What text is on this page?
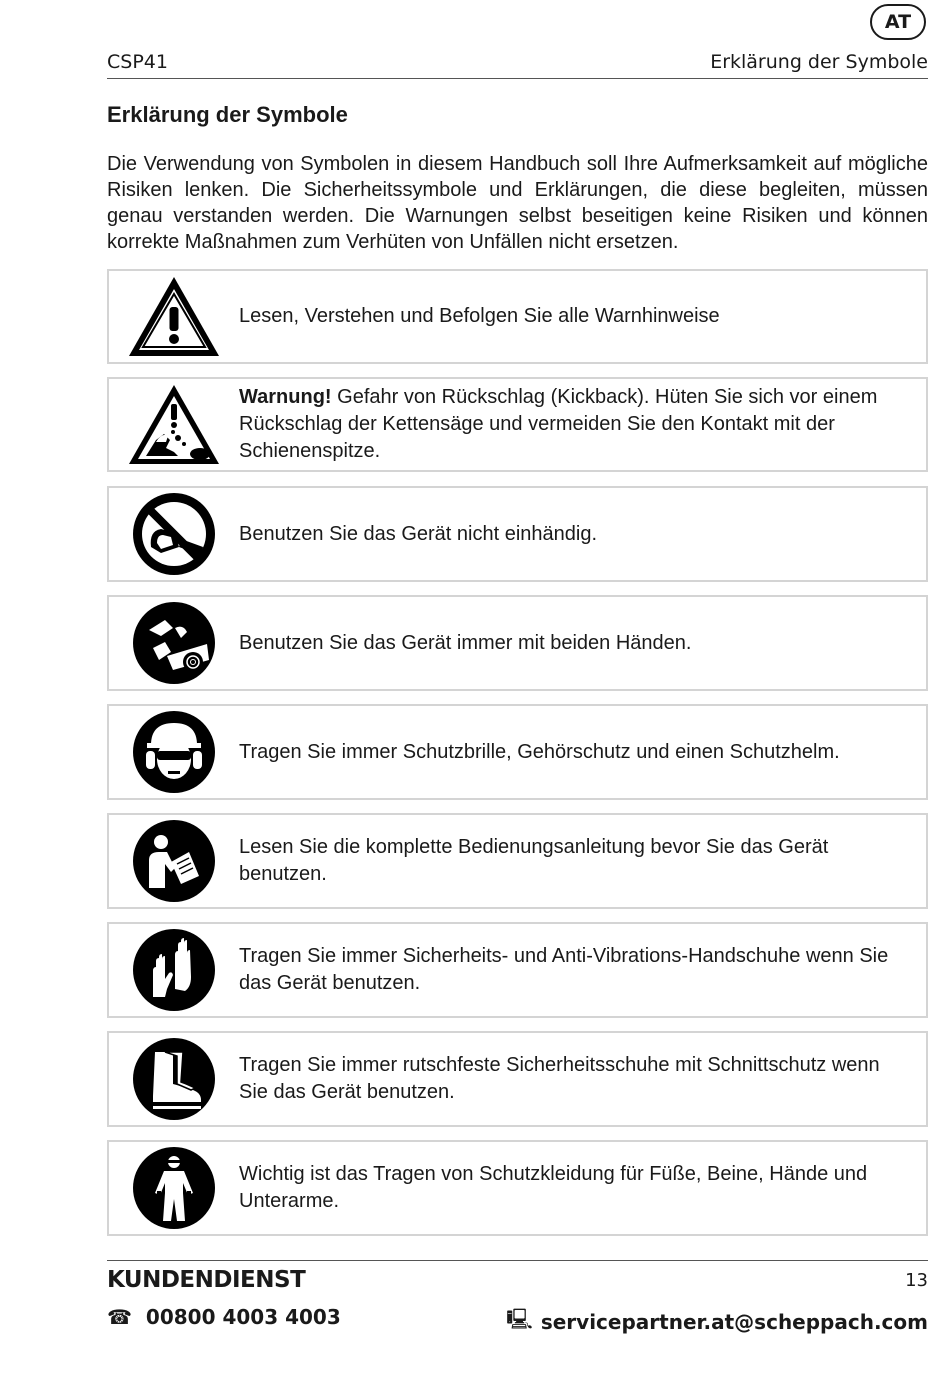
AT
CSP41	Erklärung der Symbole
Erklärung der Symbole

Die Verwendung von Symbolen in diesem Handbuch soll Ihre Aufmerksamkeit auf mögliche Risiken lenken. Die Sicherheitssymbole und Erklärungen, die diese begleiten, müssen genau verstanden werden. Die Warnungen selbst beseitigen keine Risiken und können korrekte Maßnahmen zum Verhüten von Unfällen nicht ersetzen.

Lesen, Verstehen und Befolgen Sie alle Warnhinweise
Warnung! Gefahr von Rückschlag (Kickback). Hüten Sie sich vor einem Rückschlag der Kettensäge und vermeiden Sie den Kontakt mit der Schienenspitze.
Benutzen Sie das Gerät nicht einhändig.
Benutzen Sie das Gerät immer mit beiden Händen.
Tragen Sie immer Schutzbrille, Gehörschutz und einen Schutzhelm.
Lesen Sie die komplette Bedienungsanleitung bevor Sie das Gerät benutzen.
Tragen Sie immer Sicherheits- und Anti-Vibrations-Handschuhe wenn Sie das Gerät benutzen.
Tragen Sie immer rutschfeste Sicherheitsschuhe mit Schnittschutz wenn Sie das Gerät benutzen.
Wichtig ist das Tragen von Schutzkleidung für Füße, Beine, Hände und Unterarme.
KUNDENDIENST	13
☎ 00800 4003 4003	🖳 servicepartner.at@scheppach.com
